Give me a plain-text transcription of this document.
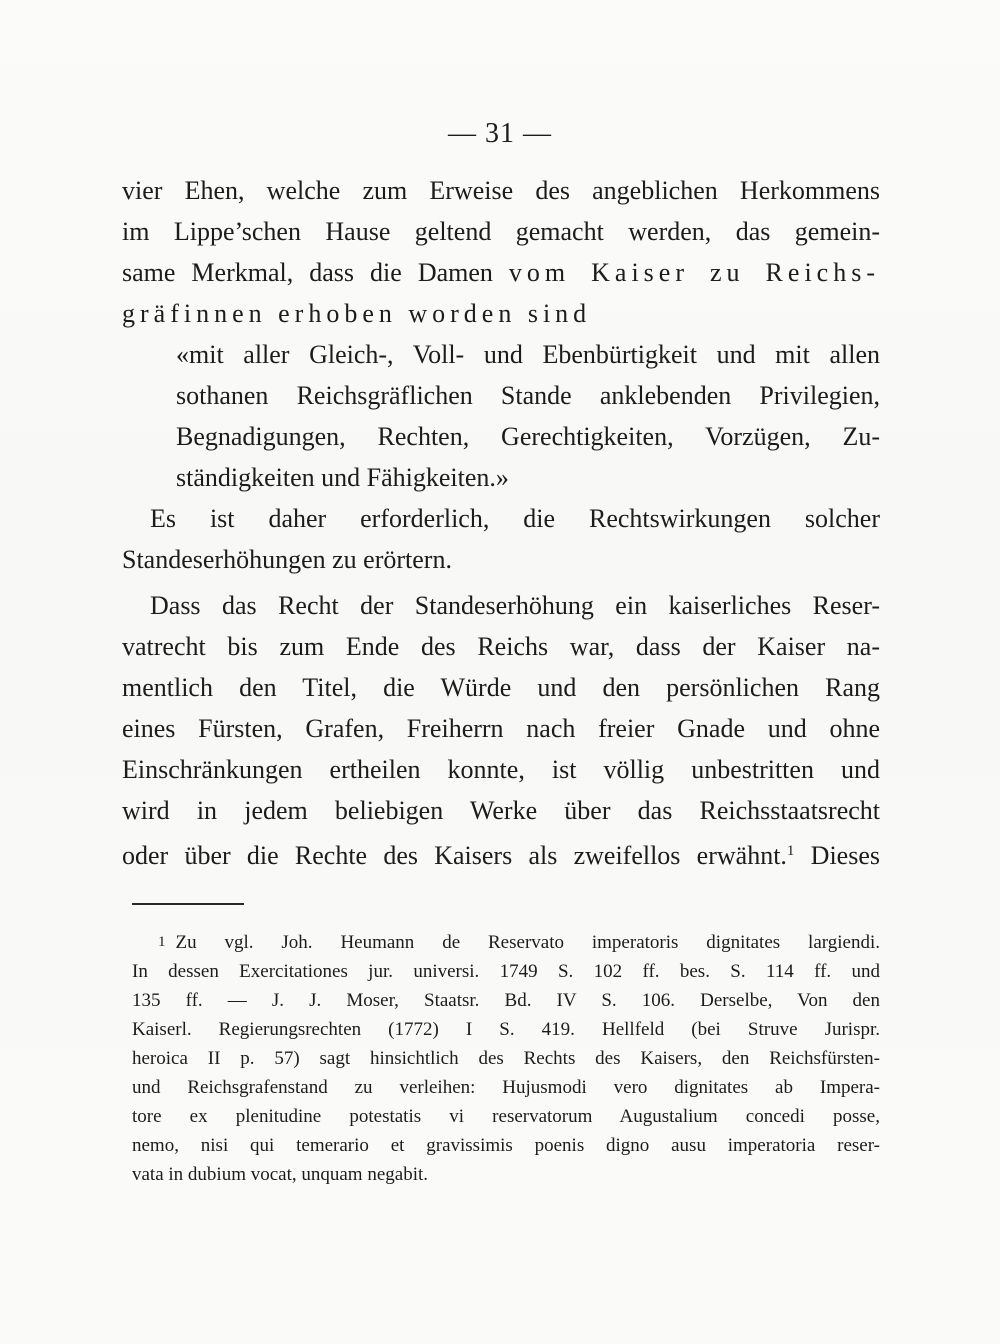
— 31 —
vier Ehen, welche zum Erweise des angeblichen Herkommens
im Lippe’schen Hause geltend gemacht werden, das gemein-
same Merkmal, dass die Damen vom Kaiser zu Reichs-
gräfinnen erhoben worden sind
«mit aller Gleich-, Voll- und Ebenbürtigkeit und mit allen
sothanen Reichsgräflichen Stande anklebenden Privilegien,
Begnadigungen, Rechten, Gerechtigkeiten, Vorzügen, Zu-
ständigkeiten und Fähigkeiten.»
Es ist daher erforderlich, die Rechtswirkungen solcher
Standeserhöhungen zu erörtern.
Dass das Recht der Standeserhöhung ein kaiserliches Reser-
vatrecht bis zum Ende des Reichs war, dass der Kaiser na-
mentlich den Titel, die Würde und den persönlichen Rang
eines Fürsten, Grafen, Freiherrn nach freier Gnade und ohne
Einschränkungen ertheilen konnte, ist völlig unbestritten und
wird in jedem beliebigen Werke über das Reichsstaatsrecht
oder über die Rechte des Kaisers als zweifellos erwähnt.$^1$ Dieses
1 Zu vgl. Joh. Heumann de Reservato imperatoris dignitates largiendi.
In dessen Exercitationes jur. universi. 1749 S. 102 ff. bes. S. 114 ff. und
135 ff. — J. J. Moser, Staatsr. Bd. IV S. 106. Derselbe, Von den
Kaiserl. Regierungsrechten (1772) I S. 419. Hellfeld (bei Struve Jurispr.
heroica II p. 57) sagt hinsichtlich des Rechts des Kaisers, den Reichsfürsten-
und Reichsgrafenstand zu verleihen: Hujusmodi vero dignitates ab Impera-
tore ex plenitudine potestatis vi reservatorum Augustalium concedi posse,
nemo, nisi qui temerario et gravissimis poenis digno ausu imperatoria reser-
vata in dubium vocat, unquam negabit.
